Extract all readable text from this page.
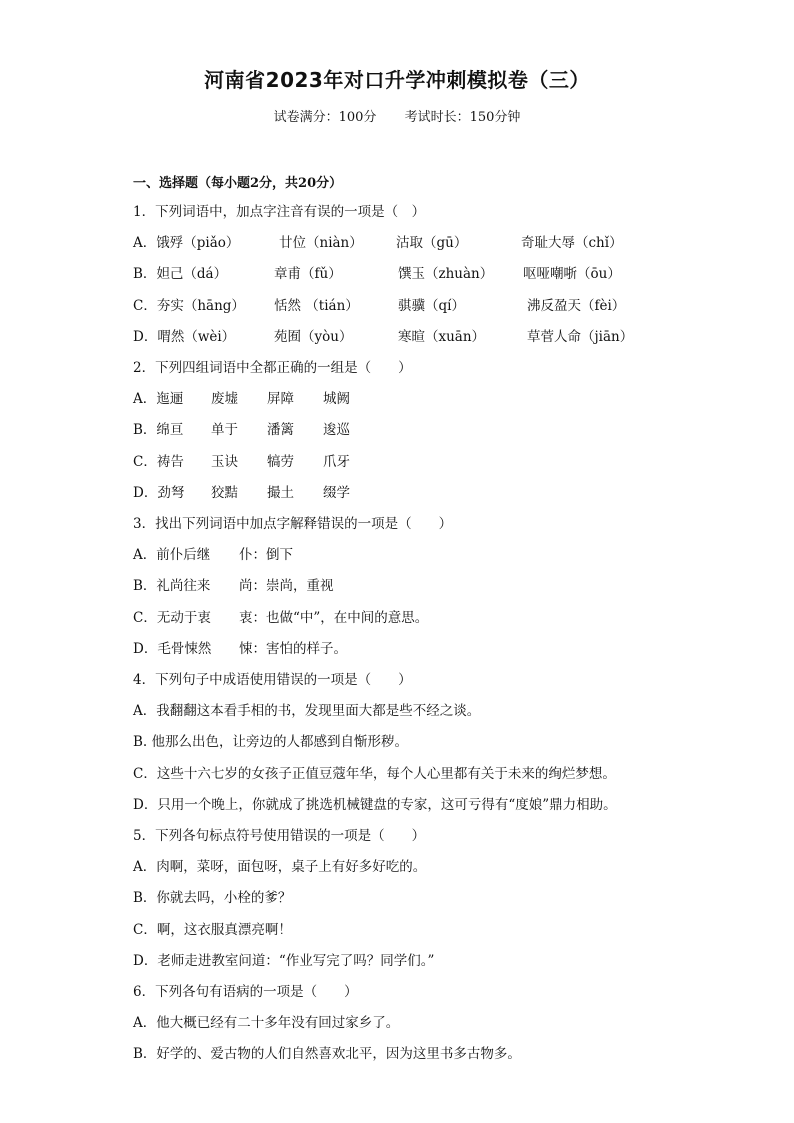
河南省2023年对口升学冲刺模拟卷（三）
试卷满分：100分 考试时长：150分钟
一、选择题（每小题2分，共20分）
1．下列词语中，加点字注音有误的一项是（　）
A．饿殍（piǎo）	廿位（niàn） 沽取（gū）	奇耻大辱（chǐ）
B．妲己（dá）	章甫（fǔ）	馔玉（zhuàn） 呕哑嘲哳（ōu）
C．夯实（hāng） 恬然 （tián）	骐骥（qí）	沸反盈天（fèi）
D．喟然（wèi）	苑囿（yòu）	寒暄（xuān）	草菅人命（jiān）
2．下列四组词语中全都正确的一组是（　　）
A．迤逦 废墟 屏障 城阙
B．绵亘 单于 潘篱 逡巡
C．祷告 玉诀 犒劳 爪牙
D．劲弩 狡黠 撮土 缀学
3．找出下列词语中加点字解释错误的一项是（　　）
A．前仆后继 仆：倒下
B．礼尚往来 尚：崇尚，重视
C．无动于衷 衷：也做“中”，在中间的意思。
D．毛骨悚然 悚：害怕的样子。
4．下列句子中成语使用错误的一项是（　　）
A．我翻翻这本看手相的书，发现里面大都是些不经之谈。
B. 他那么出色，让旁边的人都感到自惭形秽。
C．这些十六七岁的女孩子正值豆蔻年华，每个人心里都有关于未来的绚烂梦想。
D．只用一个晚上，你就成了挑选机械键盘的专家，这可亏得有“度娘”鼎力相助。
5．下列各句标点符号使用错误的一项是（　　）
A．肉啊，菜呀，面包呀，桌子上有好多好吃的。
B．你就去吗，小栓的爹？
C．啊，这衣服真漂亮啊！
D．老师走进教室问道：“作业写完了吗？同学们。”
6．下列各句有语病的一项是（　　）
A．他大概已经有二十多年没有回过家乡了。
B．好学的、爱古物的人们自然喜欢北平，因为这里书多古物多。
